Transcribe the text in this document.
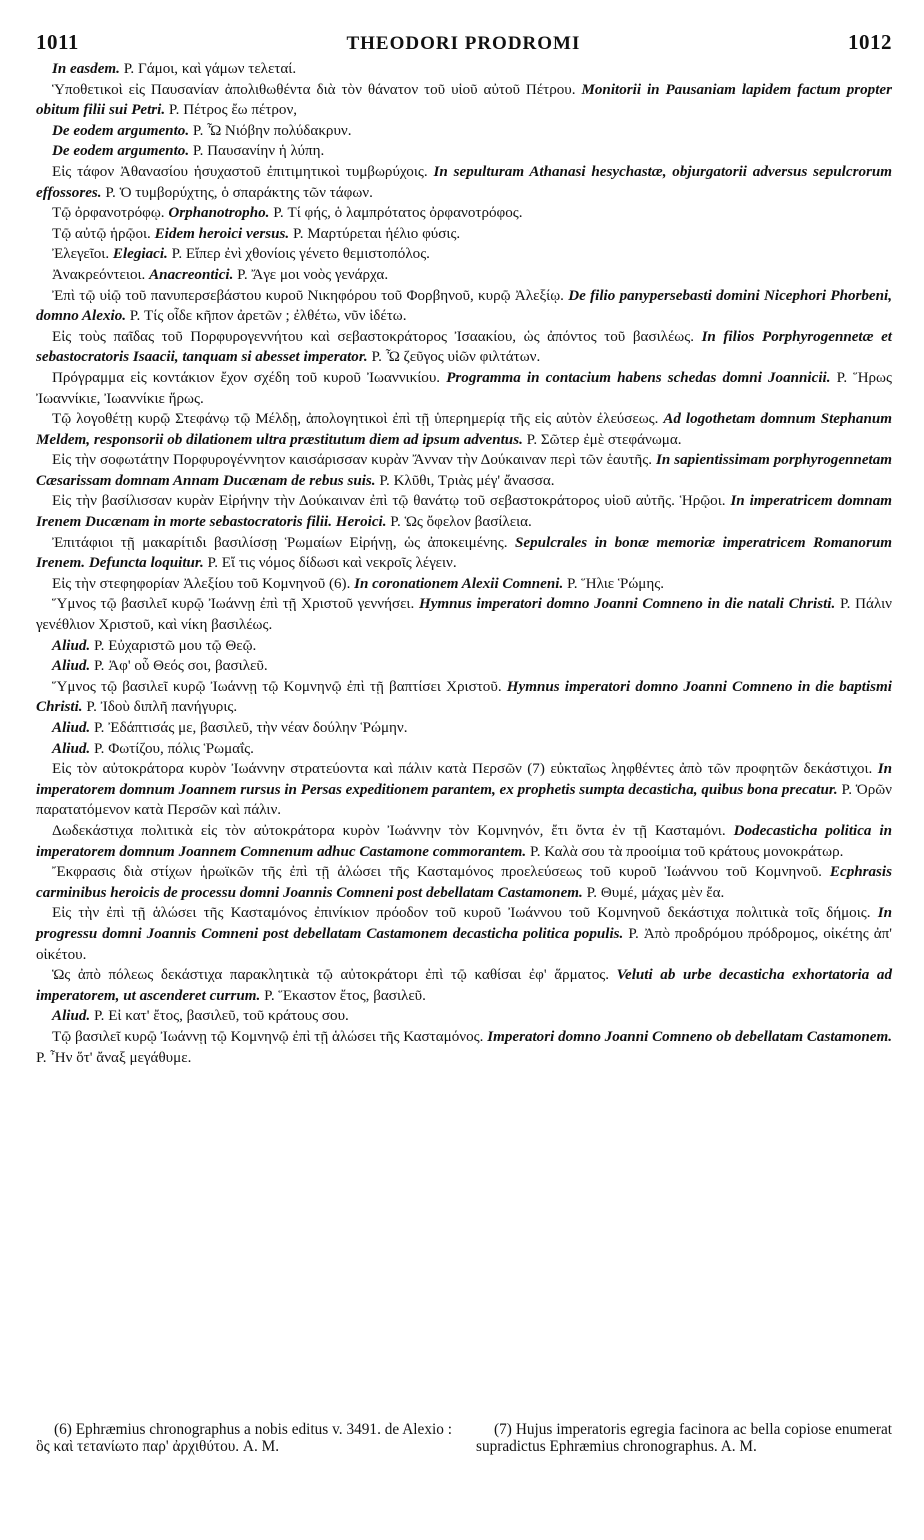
1011	THEODORI PRODROMI	1012

In easdem. P. Γάμοι, καὶ γάμων τελεταί.

Ὑποθετικοὶ εἰς Παυσανίαν ἀπολιθωθέντα διὰ τὸν θάνατον τοῦ υἱοῦ αὐτοῦ Πέτρου. Monitorii in Pausaniam lapidem factum propter obitum filii sui Petri. P. Πέτρος ἔω πέτρον,

De eodem argumento. P. Ὦ Νιόβην πολύδακρυν.

De eodem argumento. P. Παυσανίην ἡ λύπη.

Εἰς τάφον Ἀθανασίου ἡσυχαστοῦ ἐπιτιμητικοὶ τυμβωρύχοις. In sepulturam Athanasi hesychastæ, objurgatorii adversus sepulcrorum effossores. P. Ὁ τυμβορύχτης, ὁ σπαράκτης τῶν τάφων.

Τῷ ὀρφανοτρόφῳ. Orphanotropho. P. Τί φής, ὁ λαμπρότατος ὀρφανοτρόφος.

Τῷ αὐτῷ ἡρῷοι. Eidem heroici versus. P. Μαρτύρεται ἡέλιο φύσις.

Ἐλεγεῖοι. Elegiaci. P. Εἴπερ ἐνὶ χθονίοις γένετο θεμιστοπόλος.

Ἀνακρεόντειοι. Anacreontici. P. Ἄγε μοι νοὸς γενάρχα.

Ἐπὶ τῷ υἱῷ τοῦ πανυπερσεβάστου κυροῦ Νικηφόρου τοῦ Φορβηνοῦ, κυρῷ Ἀλεξίῳ. De filio panypersebasti domini Nicephori Phorbeni, domno Alexio. P. Τίς οἶδε κῆπον ἀρετῶν ; ἐλθέτω, νῦν ἰδέτω.

Εἰς τοὺς παῖδας τοῦ Πορφυρογεννήτου καὶ σεβαστοκράτορος Ἰσαακίου, ὡς ἀπόντος τοῦ βασιλέως. In filios Porphyrogennetæ et sebastocratoris Isaacii, tanquam si abesset imperator. P. Ὦ ζεῦγος υἱῶν φιλτάτων.

Πρόγραμμα εἰς κοντάκιον ἔχον σχέδη τοῦ κυροῦ Ἰωαννικίου. Programma in contacium habens schedas domni Joannicii. P. Ἥρως Ἰωαννίκιε, Ἰωαννίκιε ἥρως.

Τῷ λογοθέτῃ κυρῷ Στεφάνῳ τῷ Μέλδῃ, ἀπολογητικοὶ ἐπὶ τῇ ὑπερημερίᾳ τῆς εἰς αὐτὸν ἐλεύσεως. Ad logothetam domnum Stephanum Meldem, responsorii ob dilationem ultra præstitutum diem ad ipsum adventus. P. Σῶτερ ἐμὲ στεφάνωμα.

Εἰς τὴν σοφωτάτην Πορφυρογέννητον καισάρισσαν κυρὰν Ἄνναν τὴν Δούκαιναν περὶ τῶν ἑαυτῆς. In sapientissimam porphyrogennetam Cæsarissam domnam Annam Ducænam de rebus suis. P. Κλῦθι, Τριὰς μέγ' ἄνασσα.

Εἰς τὴν βασίλισσαν κυρὰν Εἰρήνην τὴν Δούκαιναν ἐπὶ τῷ θανάτῳ τοῦ σεβαστοκράτορος υἱοῦ αὐτῆς. Ἡρῷοι. In imperatricem domnam Irenem Ducænam in morte sebastocratoris filii. Heroici. P. Ὡς ὄφελον βασίλεια.

Ἐπιτάφιοι τῇ μακαρίτιδι βασιλίσσῃ Ῥωμαίων Εἰρήνῃ, ὡς ἀποκειμένης. Sepulcrales in bonæ memoriæ imperatricem Romanorum Irenem. Defuncta loquitur. P. Εἴ τις νόμος δίδωσι καὶ νεκροῖς λέγειν.

Εἰς τὴν στεφηφορίαν Ἀλεξίου τοῦ Κομνηνοῦ (6). In coronationem Alexii Comneni. P. Ἥλιε Ῥώμης.

Ὕμνος τῷ βασιλεῖ κυρῷ Ἰωάννῃ ἐπὶ τῇ Χριστοῦ γεννήσει. Hymnus imperatori domno Joanni Comneno in die natali Christi. P. Πάλιν γενέθλιον Χριστοῦ, καὶ νίκη βασιλέως.

Aliud. P. Εὐχαριστῶ μου τῷ Θεῷ.

Aliud. P. Ἀφ' οὗ Θεός σοι, βασιλεῦ.

Ὕμνος τῷ βασιλεῖ κυρῷ Ἰωάννῃ τῷ Κομνηνῷ ἐπὶ τῇ βαπτίσει Χριστοῦ. Hymnus imperatori domno Joanni Comneno in die baptismi Christi. P. Ἰδοὺ διπλῆ πανήγυρις.

Aliud. P. Ἐδάπτισάς με, βασιλεῦ, τὴν νέαν δούλην Ῥώμην.

Aliud. P. Φωτίζου, πόλις Ῥωμαΐς.

Εἰς τὸν αὐτοκράτορα κυρὸν Ἰωάννην στρατεύοντα καὶ πάλιν κατὰ Περσῶν (7) εὐκταῖως ληφθέντες ἀπὸ τῶν προφητῶν δεκάστιχοι. In imperatorem domnum Joannem rursus in Persas expeditionem parantem, ex prophetis sumpta decasticha, quibus bona precatur. P. Ὁρῶν παρατατόμενον κατὰ Περσῶν καὶ πάλιν.

Δωδεκάστιχα πολιτικὰ εἰς τὸν αὐτοκράτορα κυρὸν Ἰωάννην τὸν Κομνηνόν, ἔτι ὄντα ἐν τῇ Κασταμόνι. Dodecasticha politica in imperatorem domnum Joannem Comnenum adhuc Castamone commorantem. P. Καλὰ σου τὰ προοίμια τοῦ κράτους μονοκράτωρ.

Ἔκφρασις διὰ στίχων ἡρωϊκῶν τῆς ἐπὶ τῇ ἁλώσει τῆς Κασταμόνος προελεύσεως τοῦ κυροῦ Ἰωάννου τοῦ Κομνηνοῦ. Ecphrasis carminibus heroicis de processu domni Joannis Comneni post debellatam Castamonem. P. Θυμέ, μάχας μὲν ἔα.

Εἰς τὴν ἐπὶ τῇ ἁλώσει τῆς Κασταμόνος ἐπινίκιον πρόοδον τοῦ κυροῦ Ἰωάννου τοῦ Κομνηνοῦ δεκάστιχα πολιτικὰ τοῖς δήμοις. In progressu domni Joannis Comneni post debellatam Castamonem decasticha politica populis. P. Ἀπὸ προδρόμου πρόδρομος, οἰκέτης ἀπ' οἰκέτου.

Ὡς ἀπὸ πόλεως δεκάστιχα παρακλητικὰ τῷ αὐτοκράτορι ἐπὶ τῷ καθίσαι ἐφ' ἅρματος. Veluti ab urbe decasticha exhortatoria ad imperatorem, ut ascenderet currum. P. Ἕκαστον ἔτος, βασιλεῦ.

Aliud. P. Εἰ κατ' ἔτος, βασιλεῦ, τοῦ κράτους σου.

Τῷ βασιλεῖ κυρῷ Ἰωάννῃ τῷ Κομνηνῷ ἐπὶ τῇ ἁλώσει τῆς Κασταμόνος. Imperatori domno Joanni Comneno ob debellatam Castamonem. P. Ἦν ὅτ' ἄναξ μεγάθυμε.

(6) Ephræmius chronographus a nobis editus v. 3491. de Alexio : ὃς καὶ τετανίωτο παρ' ἀρχιθύτου. A. M.

(7) Hujus imperatoris egregia facinora ac bella copiose enumerat supradictus Ephræmius chronographus. A. M.
